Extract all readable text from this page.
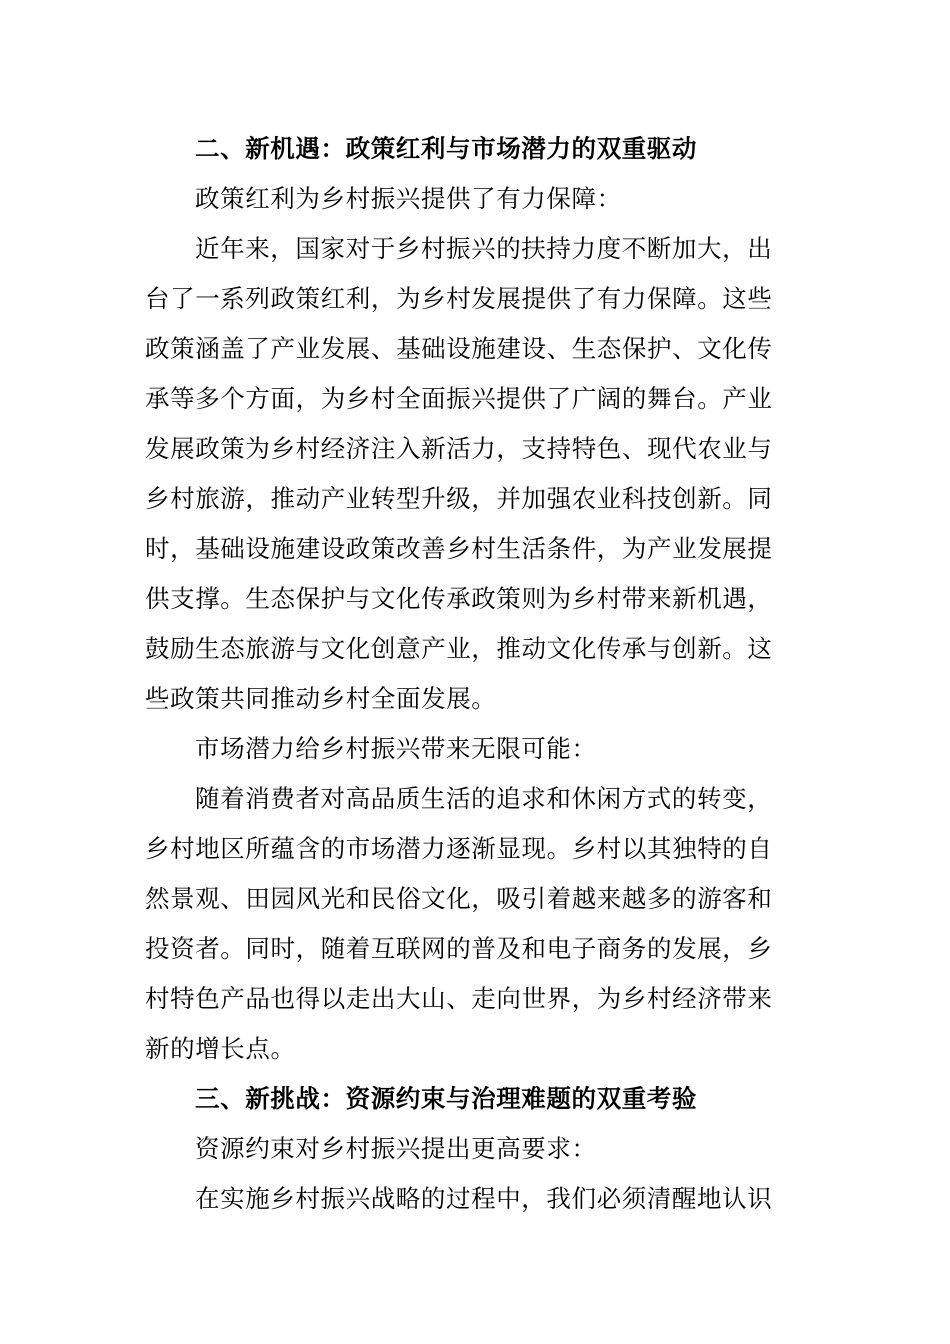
二、新机遇：政策红利与市场潜力的双重驱动
政策红利为乡村振兴提供了有力保障：
近年来，国家对于乡村振兴的扶持力度不断加大，出
台了一系列政策红利，为乡村发展提供了有力保障。这些
政策涵盖了产业发展、基础设施建设、生态保护、文化传
承等多个方面，为乡村全面振兴提供了广阔的舞台。产业
发展政策为乡村经济注入新活力，支持特色、现代农业与
乡村旅游，推动产业转型升级，并加强农业科技创新。同
时，基础设施建设政策改善乡村生活条件，为产业发展提
供支撑。生态保护与文化传承政策则为乡村带来新机遇，
鼓励生态旅游与文化创意产业，推动文化传承与创新。这
些政策共同推动乡村全面发展。
市场潜力给乡村振兴带来无限可能：
随着消费者对高品质生活的追求和休闲方式的转变，
乡村地区所蕴含的市场潜力逐渐显现。乡村以其独特的自
然景观、田园风光和民俗文化，吸引着越来越多的游客和
投资者。同时，随着互联网的普及和电子商务的发展，乡
村特色产品也得以走出大山、走向世界，为乡村经济带来
新的增长点。
三、新挑战：资源约束与治理难题的双重考验
资源约束对乡村振兴提出更高要求：
在实施乡村振兴战略的过程中，我们必须清醒地认识
